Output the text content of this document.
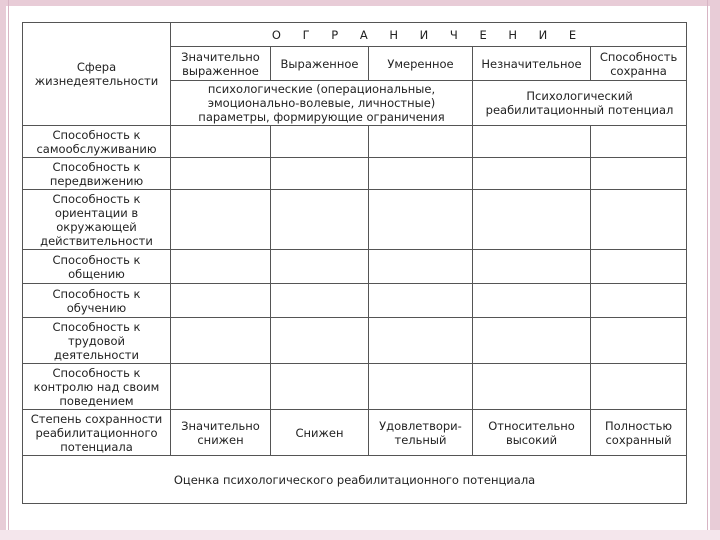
Сфера жизнедеятельности	О Г Р А Н И Ч Е Н И Е				
	Значительно выраженное	Выраженное	Умеренное	Незначительное	Способность сохранна
	психологические (операциональные, эмоционально-волевые, личностные) параметры, формирующие ограничения			Психологический реабилитационный потенциал	
Способность к самообслуживанию					
Способность к передвижению					
Способность к ориентации в окружающей действительности					
Способность к общению					
Способность к обучению					
Способность к трудовой деятельности					
Способность к контролю над своим поведением					
Степень сохранности реабилитационного потенциала	Значительно снижен	Снижен	Удовлетвори-тельный	Относительно высокий	Полностью сохранный
Оценка психологического реабилитационного потенциала					
